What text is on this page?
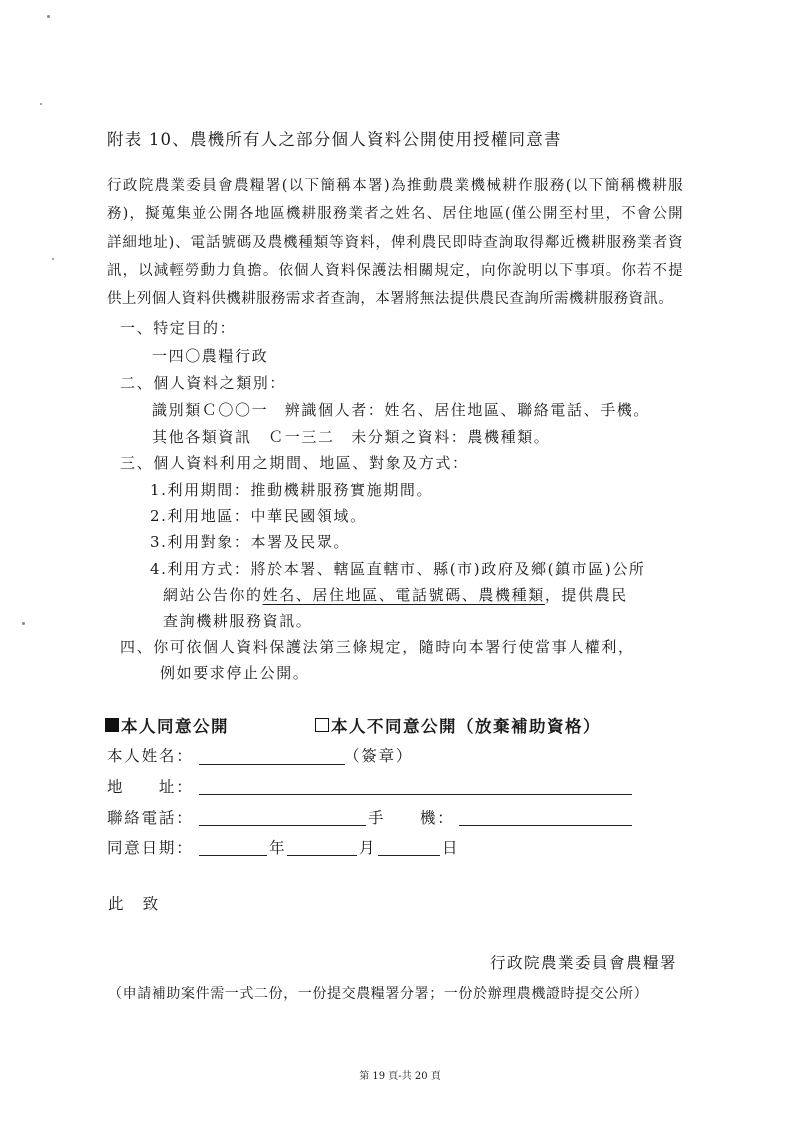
附表 10、農機所有人之部分個人資料公開使用授權同意書
行政院農業委員會農糧署(以下簡稱本署)為推動農業機械耕作服務(以下簡稱機耕服
務)，擬蒐集並公開各地區機耕服務業者之姓名、居住地區(僅公開至村里，不會公開
詳細地址)、電話號碼及農機種類等資料，俾利農民即時查詢取得鄰近機耕服務業者資
訊，以減輕勞動力負擔。依個人資料保護法相關規定，向你說明以下事項。你若不提
供上列個人資料供機耕服務需求者查詢，本署將無法提供農民查詢所需機耕服務資訊。
一、特定目的：
一四〇農糧行政
二、個人資料之類別：
識別類Ｃ〇〇一　辨識個人者：姓名、居住地區、聯絡電話、手機。
其他各類資訊　Ｃ一三二　未分類之資料：農機種類。
三、個人資料利用之期間、地區、對象及方式：
1.利用期間：推動機耕服務實施期間。
2.利用地區：中華民國領域。
3.利用對象：本署及民眾。
4.利用方式：將於本署、轄區直轄市、縣(市)政府及鄉(鎮市區)公所
網站公告你的姓名、居住地區、電話號碼、農機種類，提供農民
查詢機耕服務資訊。
四、你可依個人資料保護法第三條規定，隨時向本署行使當事人權利，
例如要求停止公開。
本人同意公開	本人不同意公開（放棄補助資格）
本人姓名：	（簽章）
地　　址：
聯絡電話：	手　　機：
同意日期：	年	月	日
此　致
行政院農業委員會農糧署
（申請補助案件需一式二份，一份提交農糧署分署；一份於辦理農機證時提交公所）
第 19 頁-共 20 頁
